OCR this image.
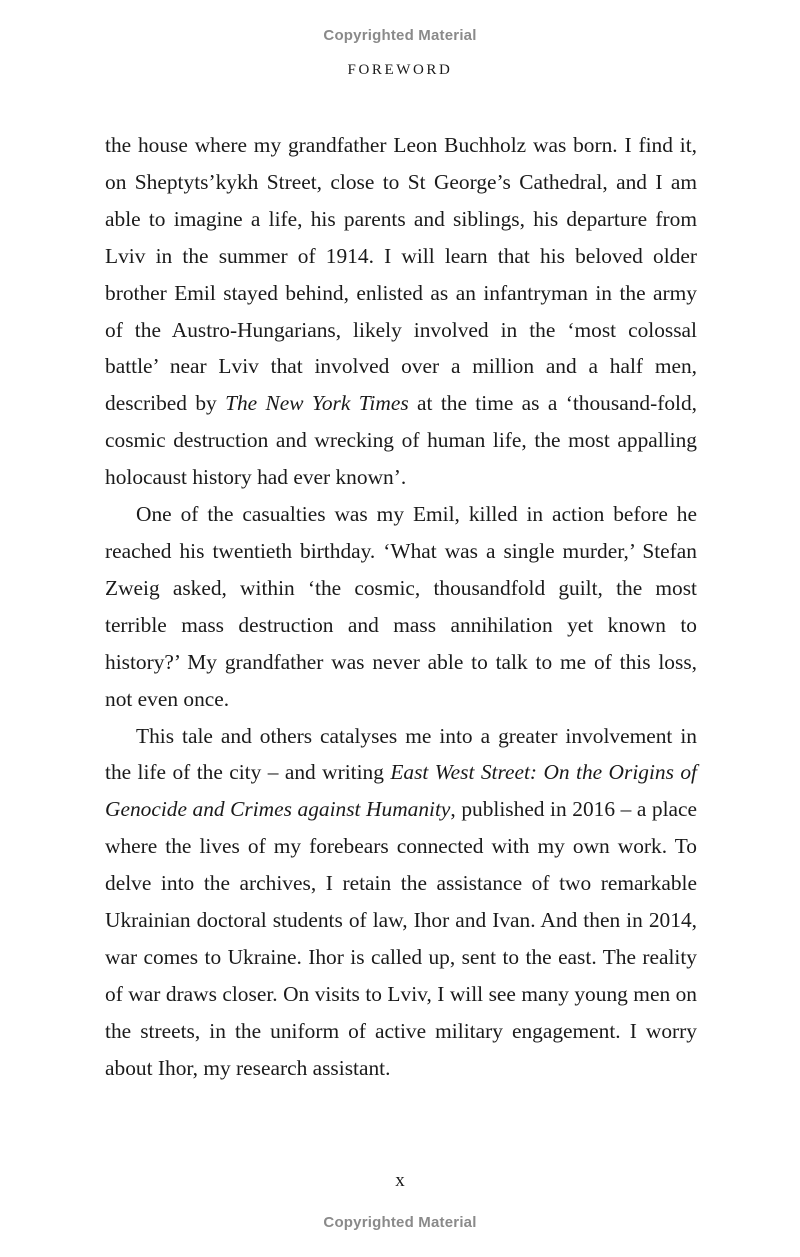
Copyrighted Material
FOREWORD

the house where my grandfather Leon Buchholz was born. I find it, on Sheptyts’kykh Street, close to St George’s Cathedral, and I am able to imagine a life, his parents and siblings, his departure from Lviv in the summer of 1914. I will learn that his beloved older brother Emil stayed behind, enlisted as an infantryman in the army of the Austro-Hungarians, likely involved in the ‘most colossal battle’ near Lviv that involved over a million and a half men, described by The New York Times at the time as a ‘thousand-fold, cosmic destruction and wrecking of human life, the most appalling holocaust history had ever known’.

One of the casualties was my Emil, killed in action before he reached his twentieth birthday. ‘What was a single murder,’ Stefan Zweig asked, within ‘the cosmic, thousandfold guilt, the most terrible mass destruction and mass annihilation yet known to history?’ My grandfather was never able to talk to me of this loss, not even once.

This tale and others catalyses me into a greater involvement in the life of the city – and writing East West Street: On the Origins of Genocide and Crimes against Humanity, published in 2016 – a place where the lives of my forebears connected with my own work. To delve into the archives, I retain the assistance of two remarkable Ukrainian doctoral students of law, Ihor and Ivan. And then in 2014, war comes to Ukraine. Ihor is called up, sent to the east. The reality of war draws closer. On visits to Lviv, I will see many young men on the streets, in the uniform of active military engagement. I worry about Ihor, my research assistant.

x
Copyrighted Material
